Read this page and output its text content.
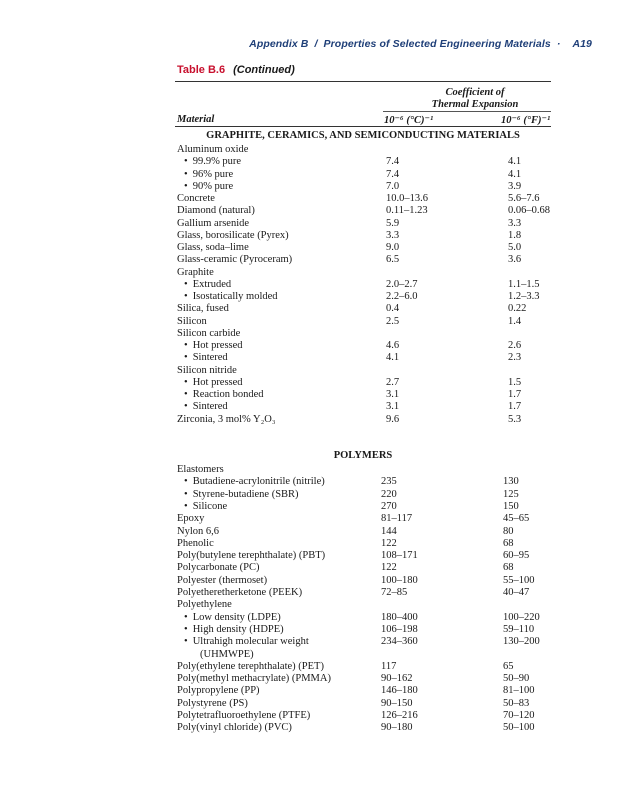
Appendix B / Properties of Selected Engineering Materials · A19
Table B.6 (Continued)
Coefficient of
Thermal Expansion
Material	10⁻⁶ (°C)⁻¹	10⁻⁶ (°F)⁻¹
GRAPHITE, CERAMICS, AND SEMICONDUCTING MATERIALS
Aluminum oxide
• 99.9% pure	7.4	4.1
• 96% pure	7.4	4.1
• 90% pure	7.0	3.9
Concrete	10.0–13.6	5.6–7.6
Diamond (natural)	0.11–1.23	0.06–0.68
Gallium arsenide	5.9	3.3
Glass, borosilicate (Pyrex)	3.3	1.8
Glass, soda–lime	9.0	5.0
Glass-ceramic (Pyroceram)	6.5	3.6
Graphite
• Extruded	2.0–2.7	1.1–1.5
• Isostatically molded	2.2–6.0	1.2–3.3
Silica, fused	0.4	0.22
Silicon	2.5	1.4
Silicon carbide
• Hot pressed	4.6	2.6
• Sintered	4.1	2.3
Silicon nitride
• Hot pressed	2.7	1.5
• Reaction bonded	3.1	1.7
• Sintered	3.1	1.7
Zirconia, 3 mol% Y₂O₃	9.6	5.3
POLYMERS
Elastomers
• Butadiene-acrylonitrile (nitrile)	235	130
• Styrene-butadiene (SBR)	220	125
• Silicone	270	150
Epoxy	81–117	45–65
Nylon 6,6	144	80
Phenolic	122	68
Poly(butylene terephthalate) (PBT)	108–171	60–95
Polycarbonate (PC)	122	68
Polyester (thermoset)	100–180	55–100
Polyetheretherketone (PEEK)	72–85	40–47
Polyethylene
• Low density (LDPE)	180–400	100–220
• High density (HDPE)	106–198	59–110
• Ultrahigh molecular weight	234–360	130–200
(UHMWPE)
Poly(ethylene terephthalate) (PET)	117	65
Poly(methyl methacrylate) (PMMA)	90–162	50–90
Polypropylene (PP)	146–180	81–100
Polystyrene (PS)	90–150	50–83
Polytetrafluoroethylene (PTFE)	126–216	70–120
Poly(vinyl chloride) (PVC)	90–180	50–100
